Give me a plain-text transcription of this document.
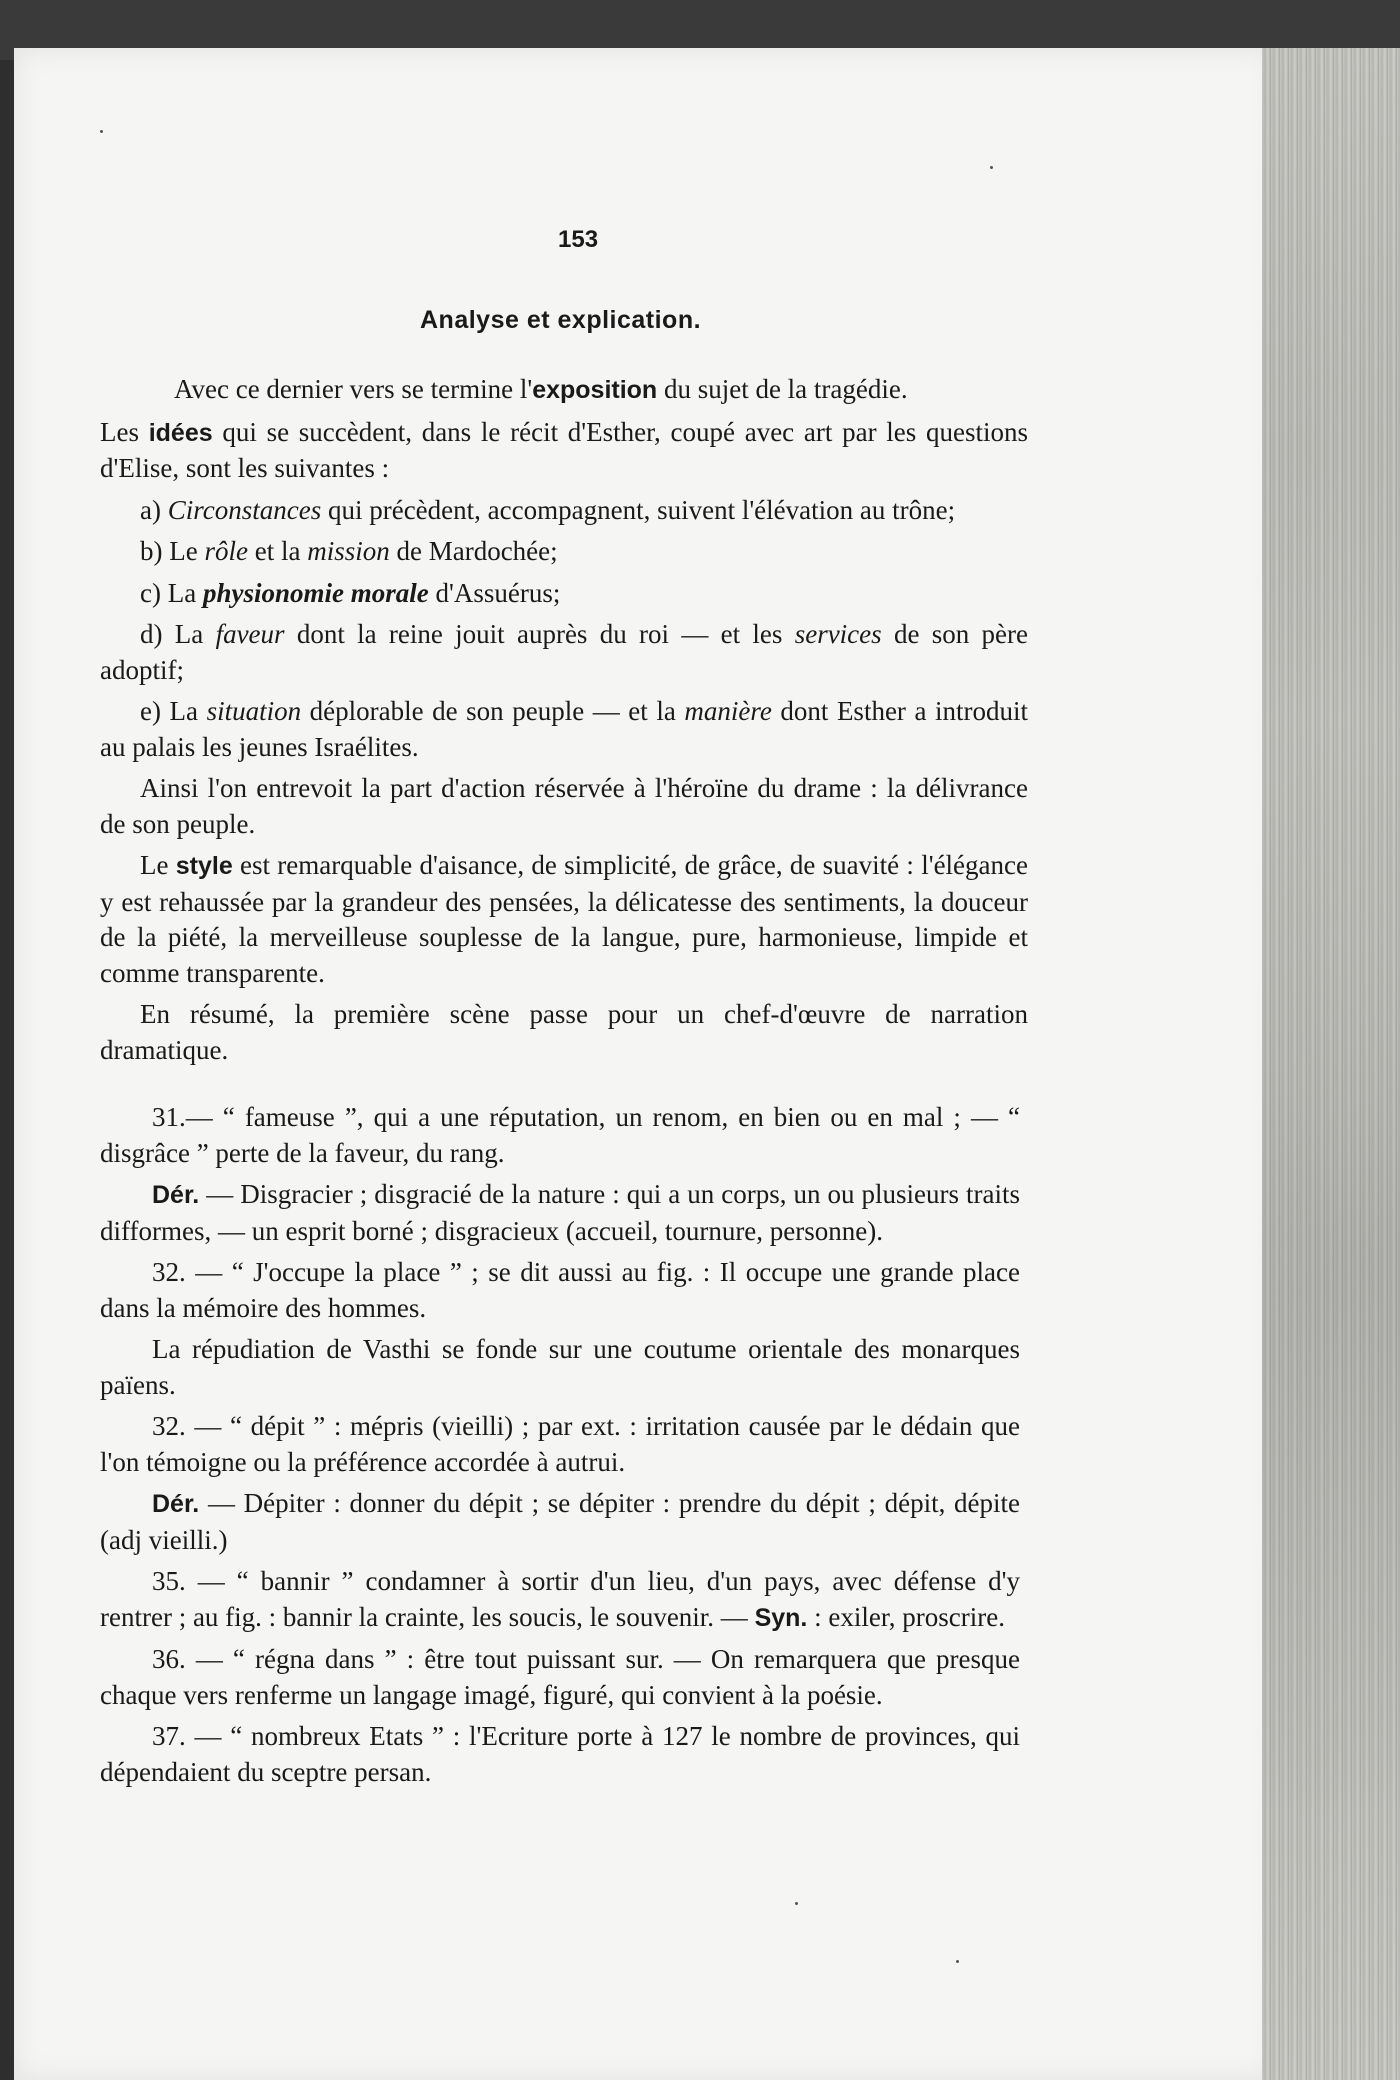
153
Analyse et explication.

Avec ce dernier vers se termine l'exposition du sujet de la tragédie.

Les idées qui se succèdent, dans le récit d'Esther, coupé avec art par les questions d'Elise, sont les suivantes :

a) Circonstances qui précèdent, accompagnent, suivent l'élévation au trône;

b) Le rôle et la mission de Mardochée;

c) La physionomie morale d'Assuérus;

d) La faveur dont la reine jouit auprès du roi — et les services de son père adoptif;

e) La situation déplorable de son peuple — et la manière dont Esther a introduit au palais les jeunes Israélites.

Ainsi l'on entrevoit la part d'action réservée à l'héroïne du drame : la délivrance de son peuple.

Le style est remarquable d'aisance, de simplicité, de grâce, de suavité : l'élégance y est rehaussée par la grandeur des pensées, la délicatesse des sentiments, la douceur de la piété, la merveilleuse souplesse de la langue, pure, harmonieuse, limpide et comme transparente.

En résumé, la première scène passe pour un chef-d'œuvre de narration dramatique.

31.— “ fameuse ”, qui a une réputation, un renom, en bien ou en mal ; — “ disgrâce ” perte de la faveur, du rang.

Dér. — Disgracier ; disgracié de la nature : qui a un corps, un ou plusieurs traits difformes, — un esprit borné ; disgracieux (accueil, tournure, personne).

32. — “ J'occupe la place ” ; se dit aussi au fig. : Il occupe une grande place dans la mémoire des hommes.

La répudiation de Vasthi se fonde sur une coutume orientale des monarques païens.

32. — “ dépit ” : mépris (vieilli) ; par ext. : irritation causée par le dédain que l'on témoigne ou la préférence accordée à autrui.

Dér. — Dépiter : donner du dépit ; se dépiter : prendre du dépit ; dépit, dépite (adj vieilli.)

35. — “ bannir ” condamner à sortir d'un lieu, d'un pays, avec défense d'y rentrer ; au fig. : bannir la crainte, les soucis, le souvenir. — Syn. : exiler, proscrire.

36. — “ régna dans ” : être tout puissant sur. — On remarquera que presque chaque vers renferme un langage imagé, figuré, qui convient à la poésie.

37. — “ nombreux Etats ” : l'Ecriture porte à 127 le nombre de provinces, qui dépendaient du sceptre persan.
